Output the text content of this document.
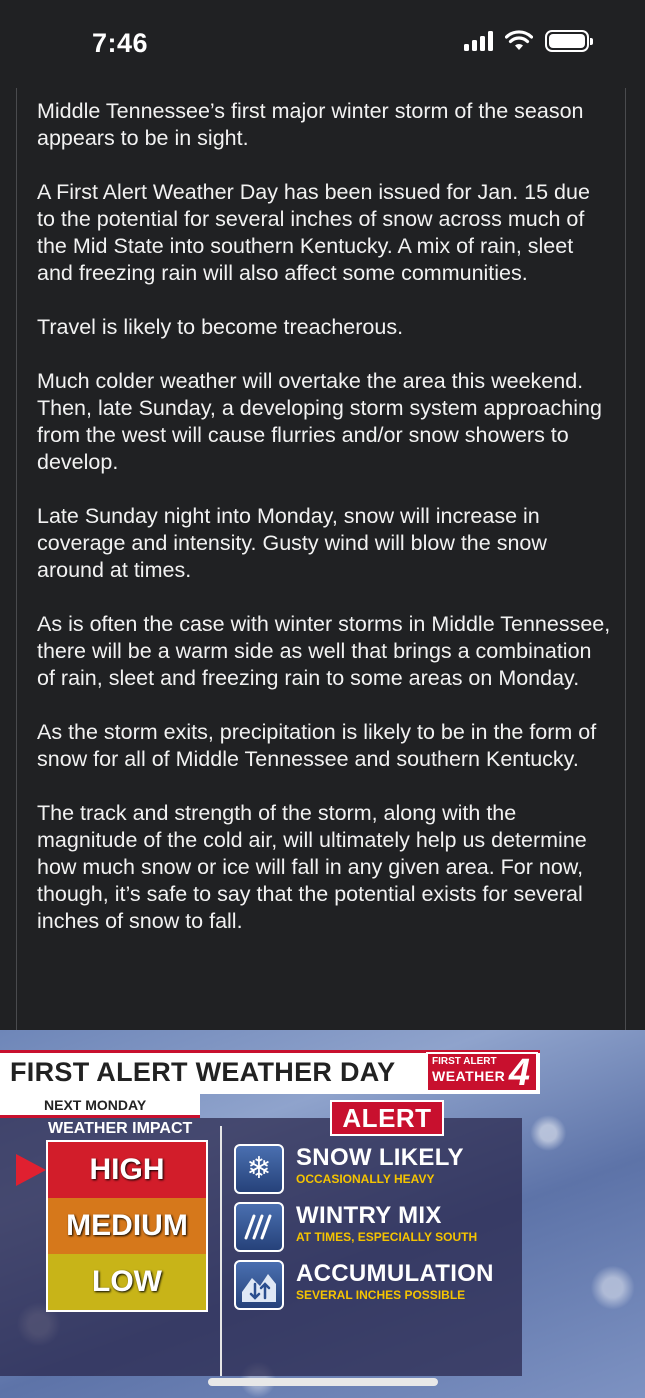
7:46

Middle Tennessee’s first major winter storm of the season appears to be in sight.

A First Alert Weather Day has been issued for Jan. 15 due to the potential for several inches of snow across much of the Mid State into southern Kentucky. A mix of rain, sleet and freezing rain will also affect some communities.

Travel is likely to become treacherous.

Much colder weather will overtake the area this weekend. Then, late Sunday, a developing storm system approaching from the west will cause flurries and/or snow showers to develop.

Late Sunday night into Monday, snow will increase in coverage and intensity. Gusty wind will blow the snow around at times.

As is often the case with winter storms in Middle Tennessee, there will be a warm side as well that brings a combination of rain, sleet and freezing rain to some areas on Monday.

As the storm exits, precipitation is likely to be in the form of snow for all of Middle Tennessee and southern Kentucky.

The track and strength of the storm, along with the magnitude of the cold air, will ultimately help us determine how much snow or ice will fall in any given area. For now, though, it’s safe to say that the potential exists for several inches of snow to fall.

FIRST ALERT WEATHER DAY	FIRST ALERT
WEATHER 4
NEXT MONDAY
WEATHER IMPACT
HIGH
MEDIUM
LOW
ALERT
❄	SNOW LIKELY
OCCASIONALLY HEAVY
WINTRY MIX
AT TIMES, ESPECIALLY SOUTH
ACCUMULATION
SEVERAL INCHES POSSIBLE
